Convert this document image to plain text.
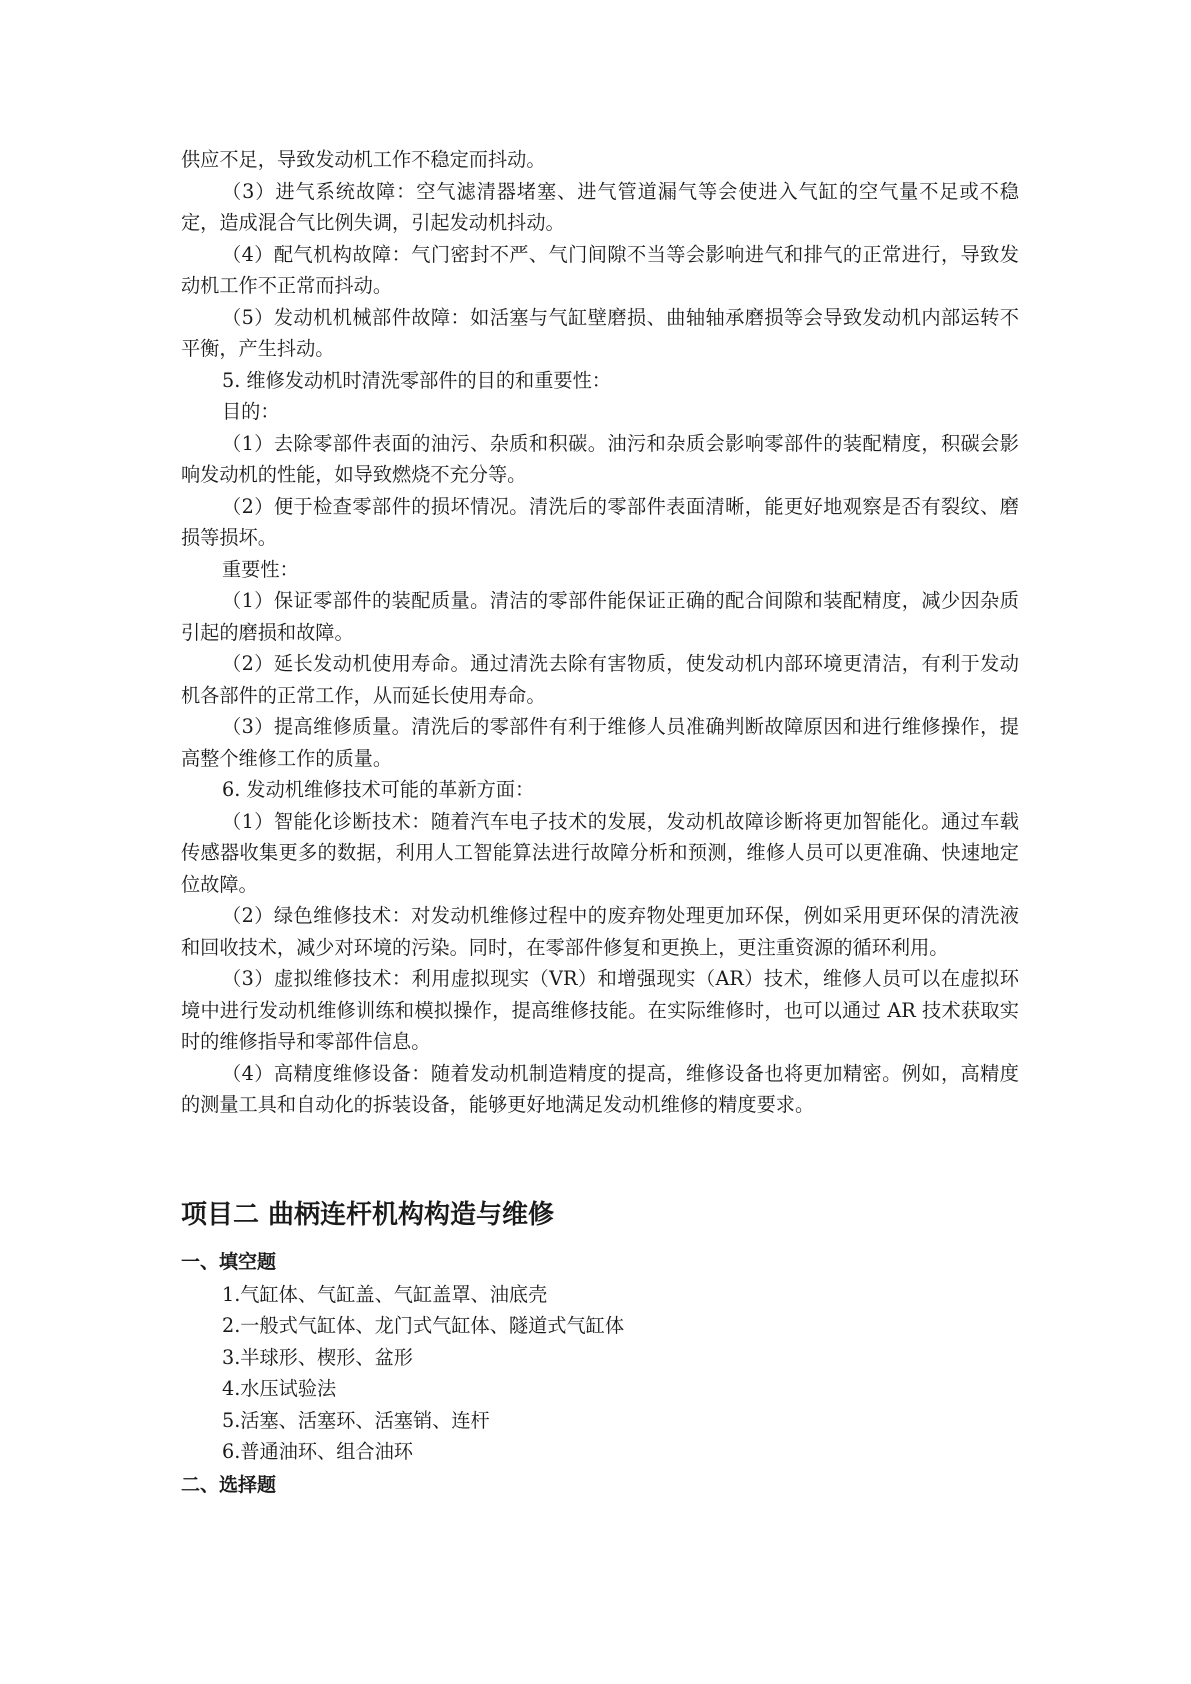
供应不足，导致发动机工作不稳定而抖动。

（3）进气系统故障：空气滤清器堵塞、进气管道漏气等会使进入气缸的空气量不足或不稳定，造成混合气比例失调，引起发动机抖动。

（4）配气机构故障：气门密封不严、气门间隙不当等会影响进气和排气的正常进行，导致发动机工作不正常而抖动。

（5）发动机机械部件故障：如活塞与气缸壁磨损、曲轴轴承磨损等会导致发动机内部运转不平衡，产生抖动。

5. 维修发动机时清洗零部件的目的和重要性：

目的：

（1）去除零部件表面的油污、杂质和积碳。油污和杂质会影响零部件的装配精度，积碳会影响发动机的性能，如导致燃烧不充分等。

（2）便于检查零部件的损坏情况。清洗后的零部件表面清晰，能更好地观察是否有裂纹、磨损等损坏。

重要性：

（1）保证零部件的装配质量。清洁的零部件能保证正确的配合间隙和装配精度，减少因杂质引起的磨损和故障。

（2）延长发动机使用寿命。通过清洗去除有害物质，使发动机内部环境更清洁，有利于发动机各部件的正常工作，从而延长使用寿命。

（3）提高维修质量。清洗后的零部件有利于维修人员准确判断故障原因和进行维修操作，提高整个维修工作的质量。

6. 发动机维修技术可能的革新方面：

（1）智能化诊断技术：随着汽车电子技术的发展，发动机故障诊断将更加智能化。通过车载传感器收集更多的数据，利用人工智能算法进行故障分析和预测，维修人员可以更准确、快速地定位故障。

（2）绿色维修技术：对发动机维修过程中的废弃物处理更加环保，例如采用更环保的清洗液和回收技术，减少对环境的污染。同时，在零部件修复和更换上，更注重资源的循环利用。

（3）虚拟维修技术：利用虚拟现实（VR）和增强现实（AR）技术，维修人员可以在虚拟环境中进行发动机维修训练和模拟操作，提高维修技能。在实际维修时，也可以通过 AR 技术获取实时的维修指导和零部件信息。

（4）高精度维修设备：随着发动机制造精度的提高，维修设备也将更加精密。例如，高精度的测量工具和自动化的拆装设备，能够更好地满足发动机维修的精度要求。

项目二 曲柄连杆机构构造与维修
一、填空题

1.气缸体、气缸盖、气缸盖罩、油底壳

2.一般式气缸体、龙门式气缸体、隧道式气缸体

3.半球形、楔形、盆形

4.水压试验法

5.活塞、活塞环、活塞销、连杆

6.普通油环、组合油环

二、选择题
